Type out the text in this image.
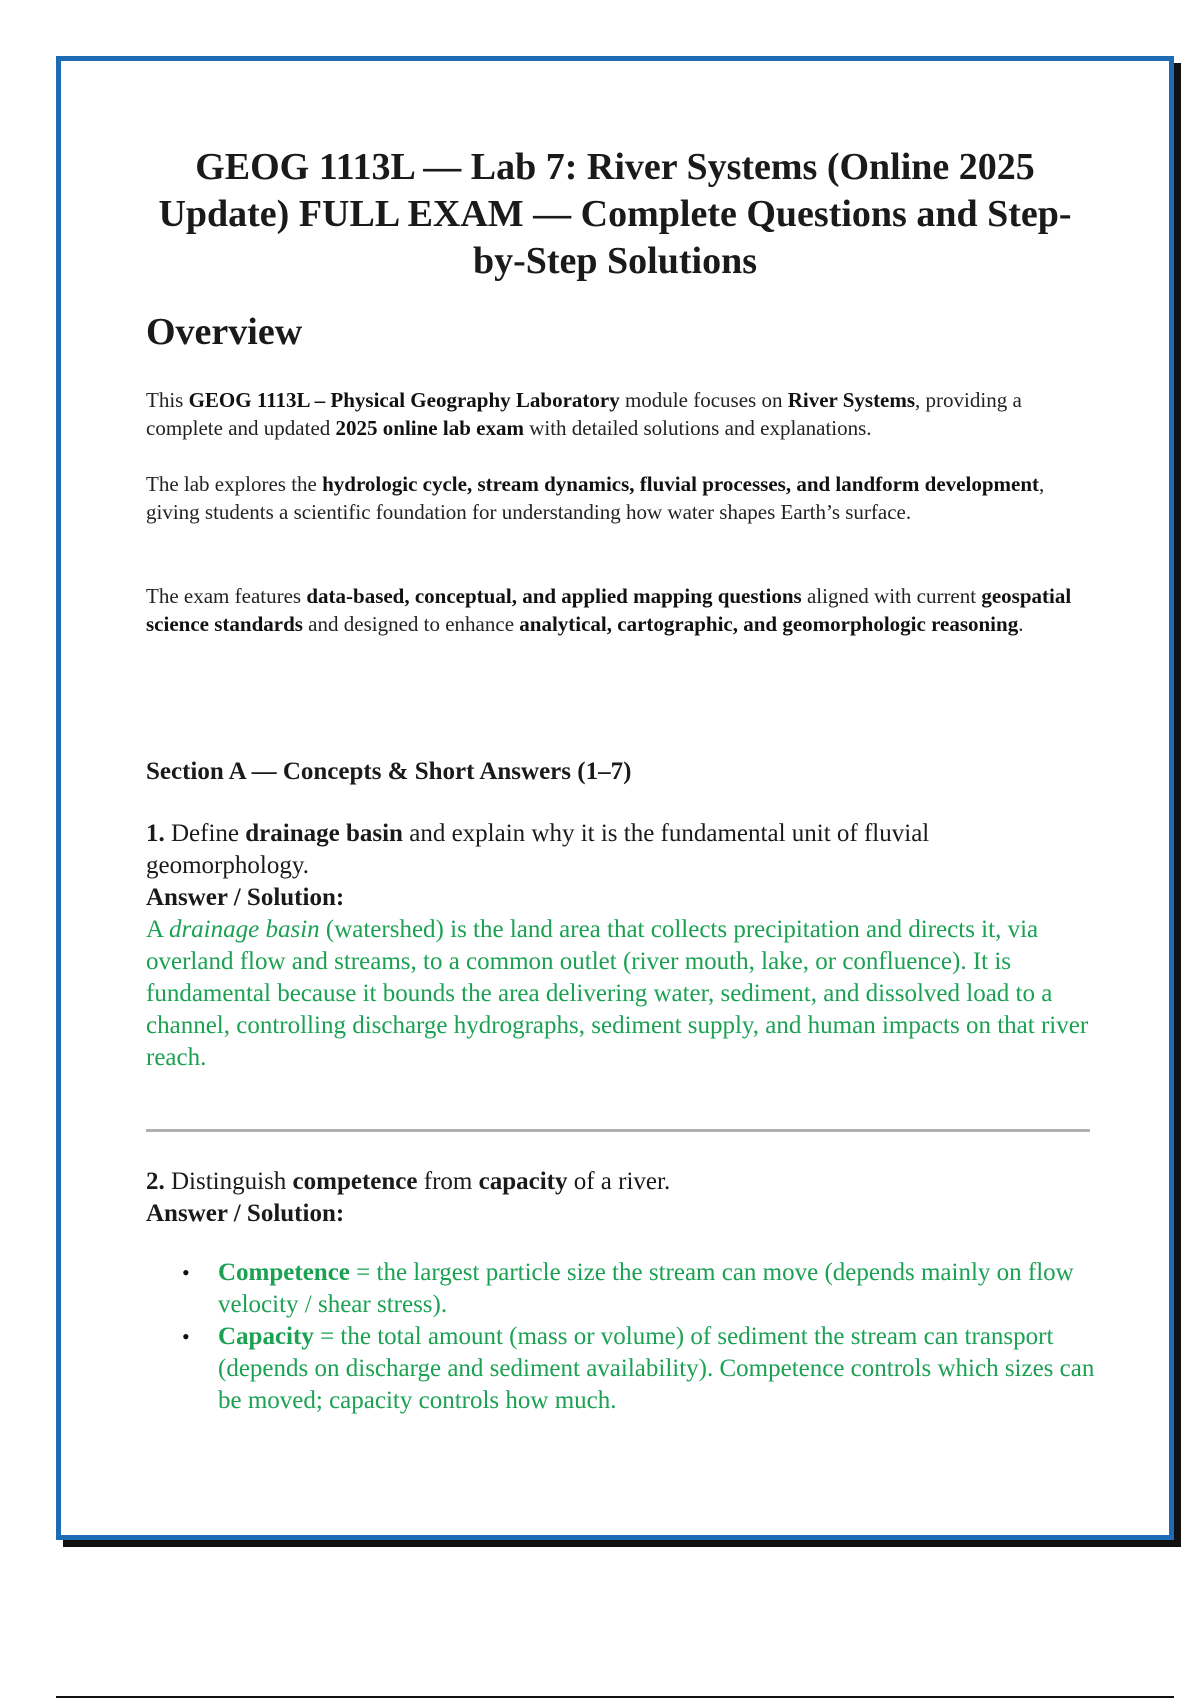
GEOG 1113L — Lab 7: River Systems (Online 2025 Update) FULL EXAM — Complete Questions and Step-by-Step Solutions
Overview

This GEOG 1113L – Physical Geography Laboratory module focuses on River Systems, providing a complete and updated 2025 online lab exam with detailed solutions and explanations.

The lab explores the hydrologic cycle, stream dynamics, fluvial processes, and landform development, giving students a scientific foundation for understanding how water shapes Earth’s surface.

The exam features data-based, conceptual, and applied mapping questions aligned with current geospatial science standards and designed to enhance analytical, cartographic, and geomorphologic reasoning.

Section A — Concepts & Short Answers (1–7)

1. Define drainage basin and explain why it is the fundamental unit of fluvial geomorphology.

Answer / Solution:

A drainage basin (watershed) is the land area that collects precipitation and directs it, via overland flow and streams, to a common outlet (river mouth, lake, or confluence). It is fundamental because it bounds the area delivering water, sediment, and dissolved load to a channel, controlling discharge hydrographs, sediment supply, and human impacts on that river reach.

2. Distinguish competence from capacity of a river.

Answer / Solution:

• Competence = the largest particle size the stream can move (depends mainly on flow velocity / shear stress).
• Capacity = the total amount (mass or volume) of sediment the stream can transport (depends on discharge and sediment availability). Competence controls which sizes can be moved; capacity controls how much.
